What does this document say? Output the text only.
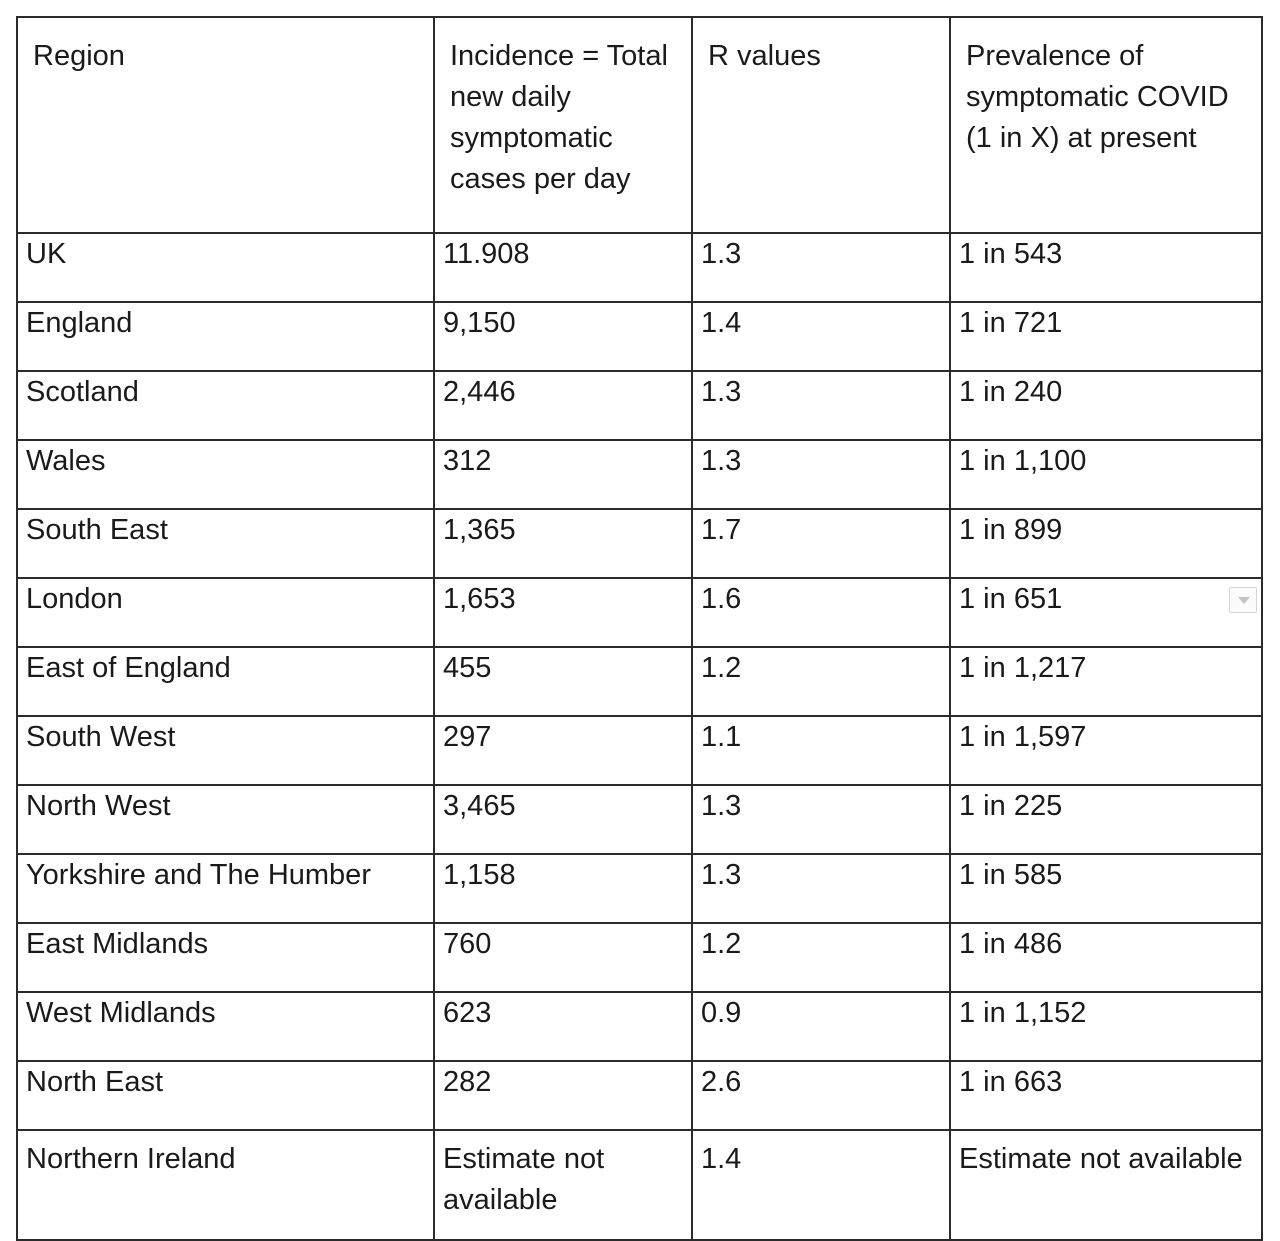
Region	Incidence = Total new daily symptomatic cases per day	R values	Prevalence of symptomatic COVID (1 in X) at present
UK	11.908	1.3	1 in 543
England	9,150	1.4	1 in 721
Scotland	2,446	1.3	1 in 240
Wales	312	1.3	1 in 1,100
South East	1,365	1.7	1 in 899
London	1,653	1.6	1 in 651

East of England	455	1.2	1 in 1,217
South West	297	1.1	1 in 1,597
North West	3,465	1.3	1 in 225
Yorkshire and The Humber	1,158	1.3	1 in 585
East Midlands	760	1.2	1 in 486
West Midlands	623	0.9	1 in 1,152
North East	282	2.6	1 in 663
Northern Ireland	Estimate not available	1.4	Estimate not available
